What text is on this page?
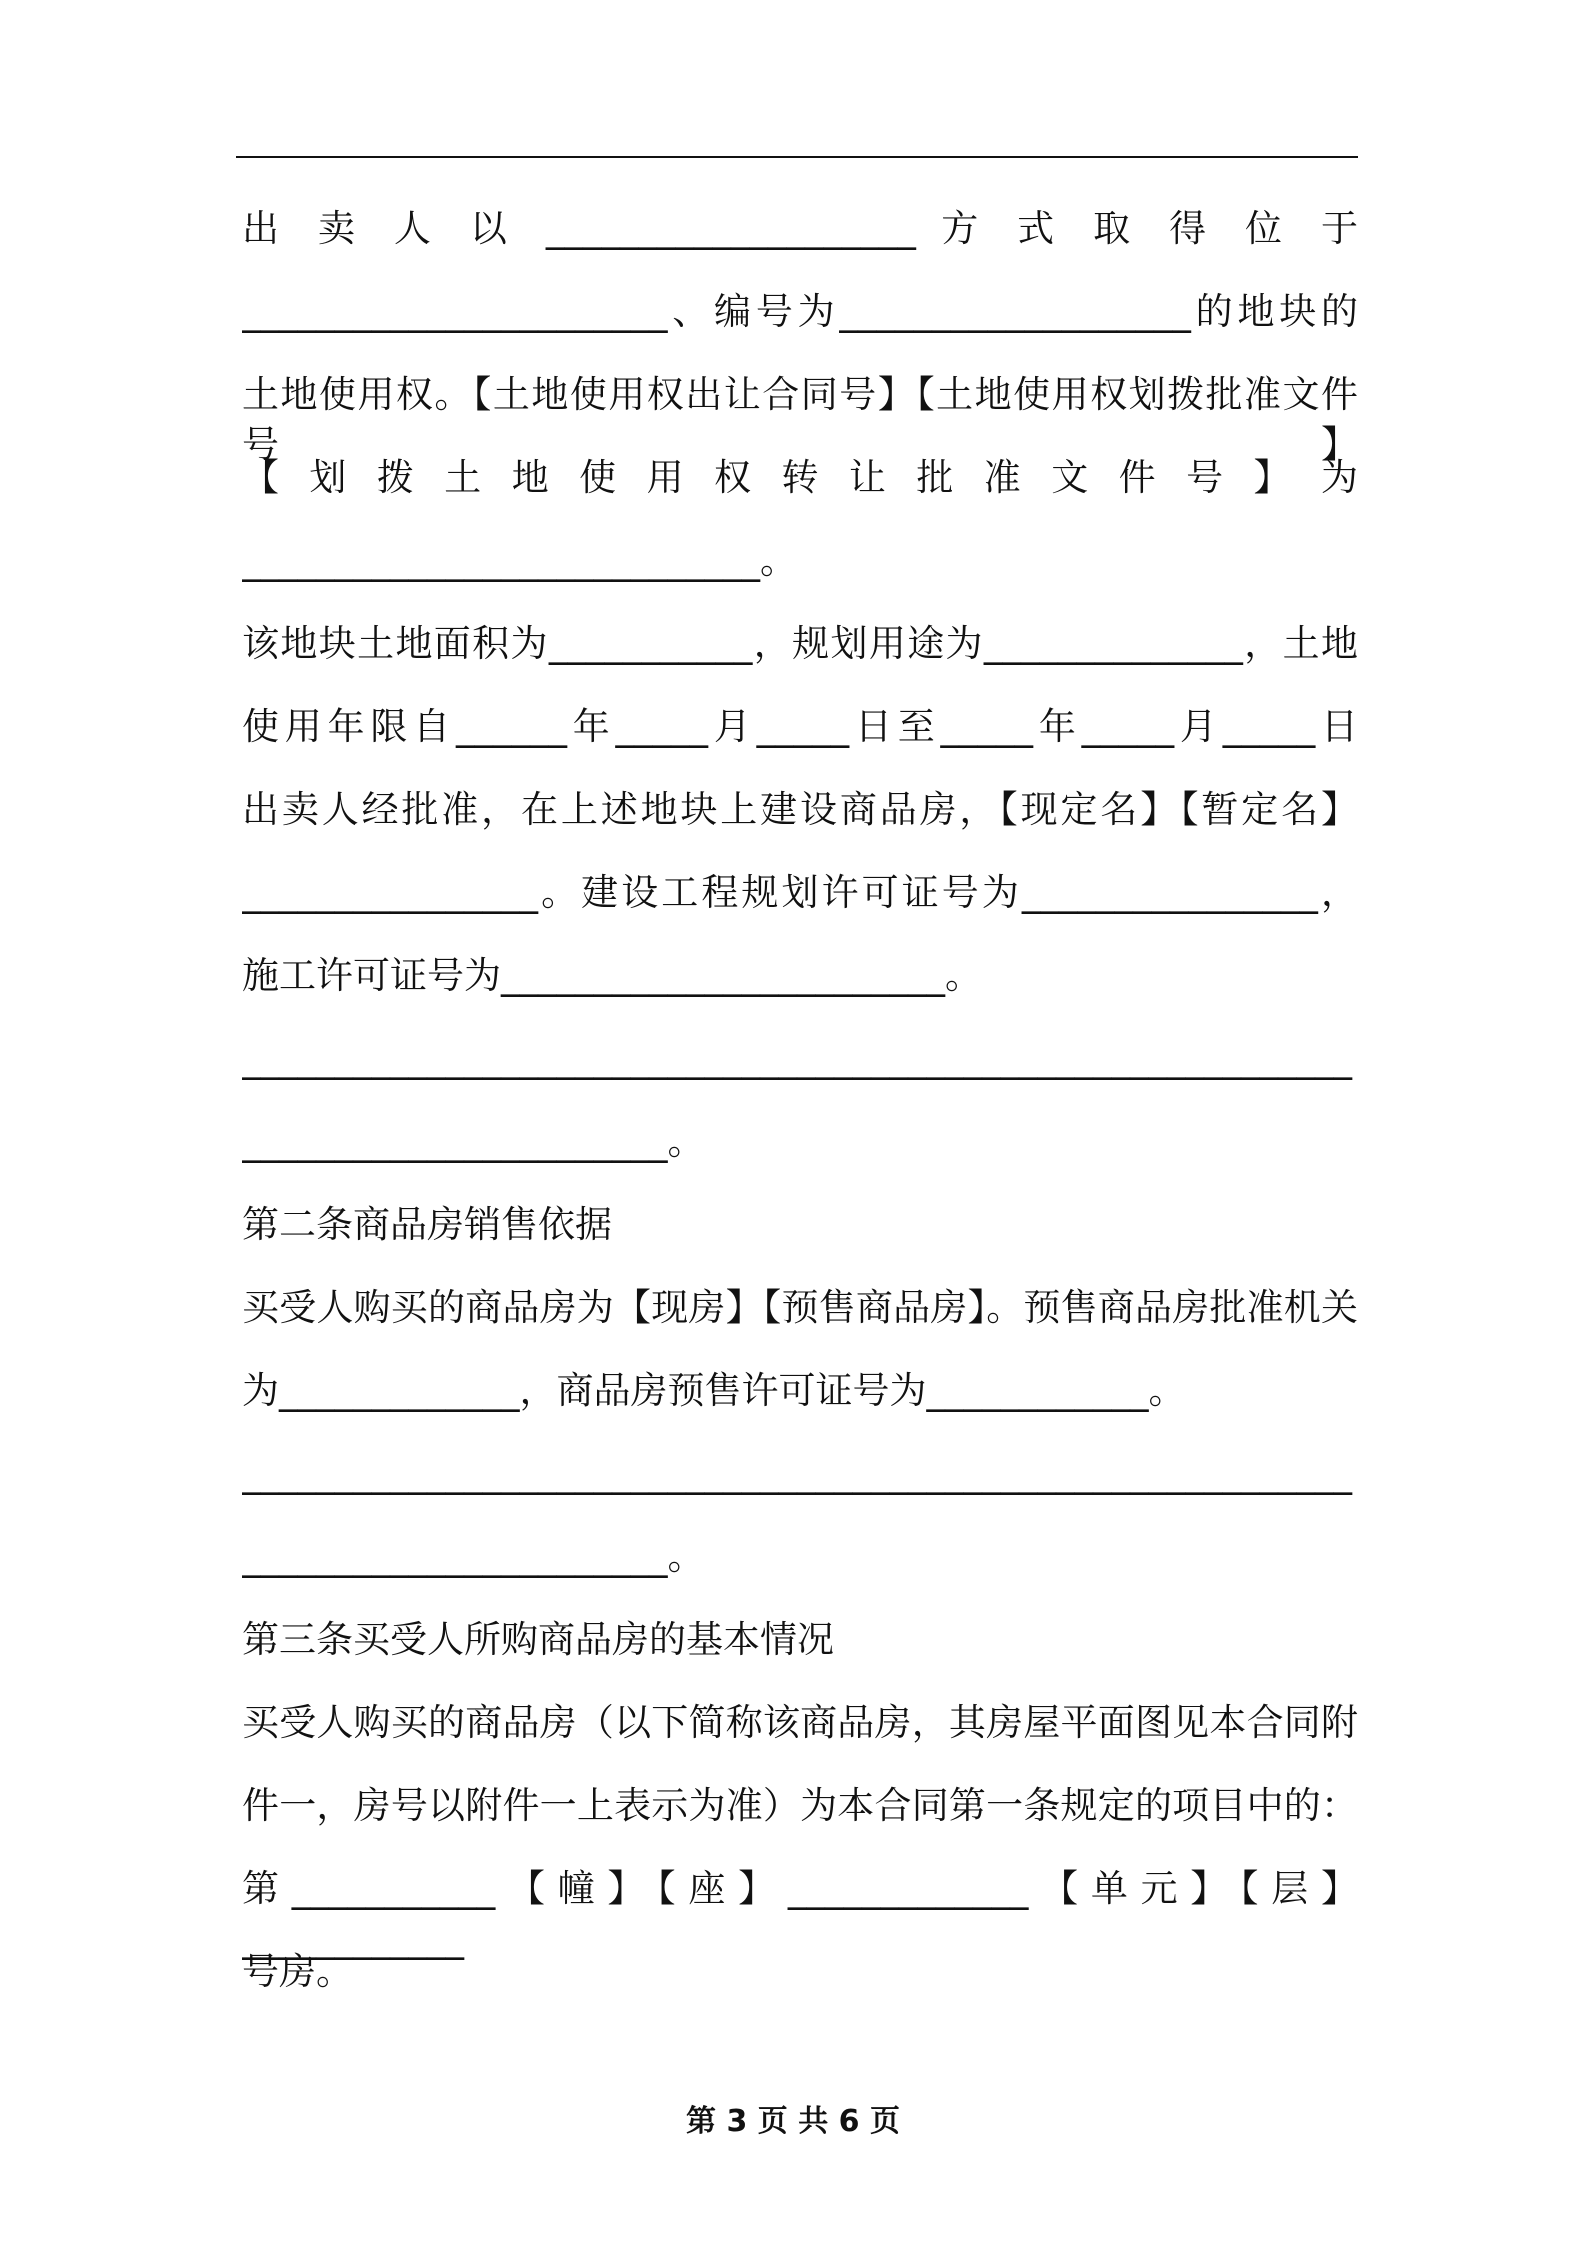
出 卖 人 以 ____________________ 方 式 取 得 位 于
_______________________、编号为___________________的地块的
土地使用权。【土地使用权出让合同号】【土地使用权划拨批准文件号】
【 划 拨 土 地 使 用 权 转 让 批 准 文 件 号 】 为
____________________________。
该地块土地面积为___________，规划用途为______________，土地
使用年限自______年_____月_____日至_____年_____月_____日
出卖人经批准，在上述地块上建设商品房，【现定名】【暂定名】
________________。建设工程规划许可证号为________________，
施工许可证号为________________________。
____________________________________________________________
_______________________。
第二条商品房销售依据
买受人购买的商品房为【现房】【预售商品房】。预售商品房批准机关
为_____________，商品房预售许可证号为____________。
____________________________________________________________
_______________________。
第三条买受人所购商品房的基本情况
买受人购买的商品房（以下简称该商品房，其房屋平面图见本合同附
件一，房号以附件一上表示为准）为本合同第一条规定的项目中的：
第___________【幢】【座】_____________【单元】【层】____________
号房。
第 3 页 共 6 页
